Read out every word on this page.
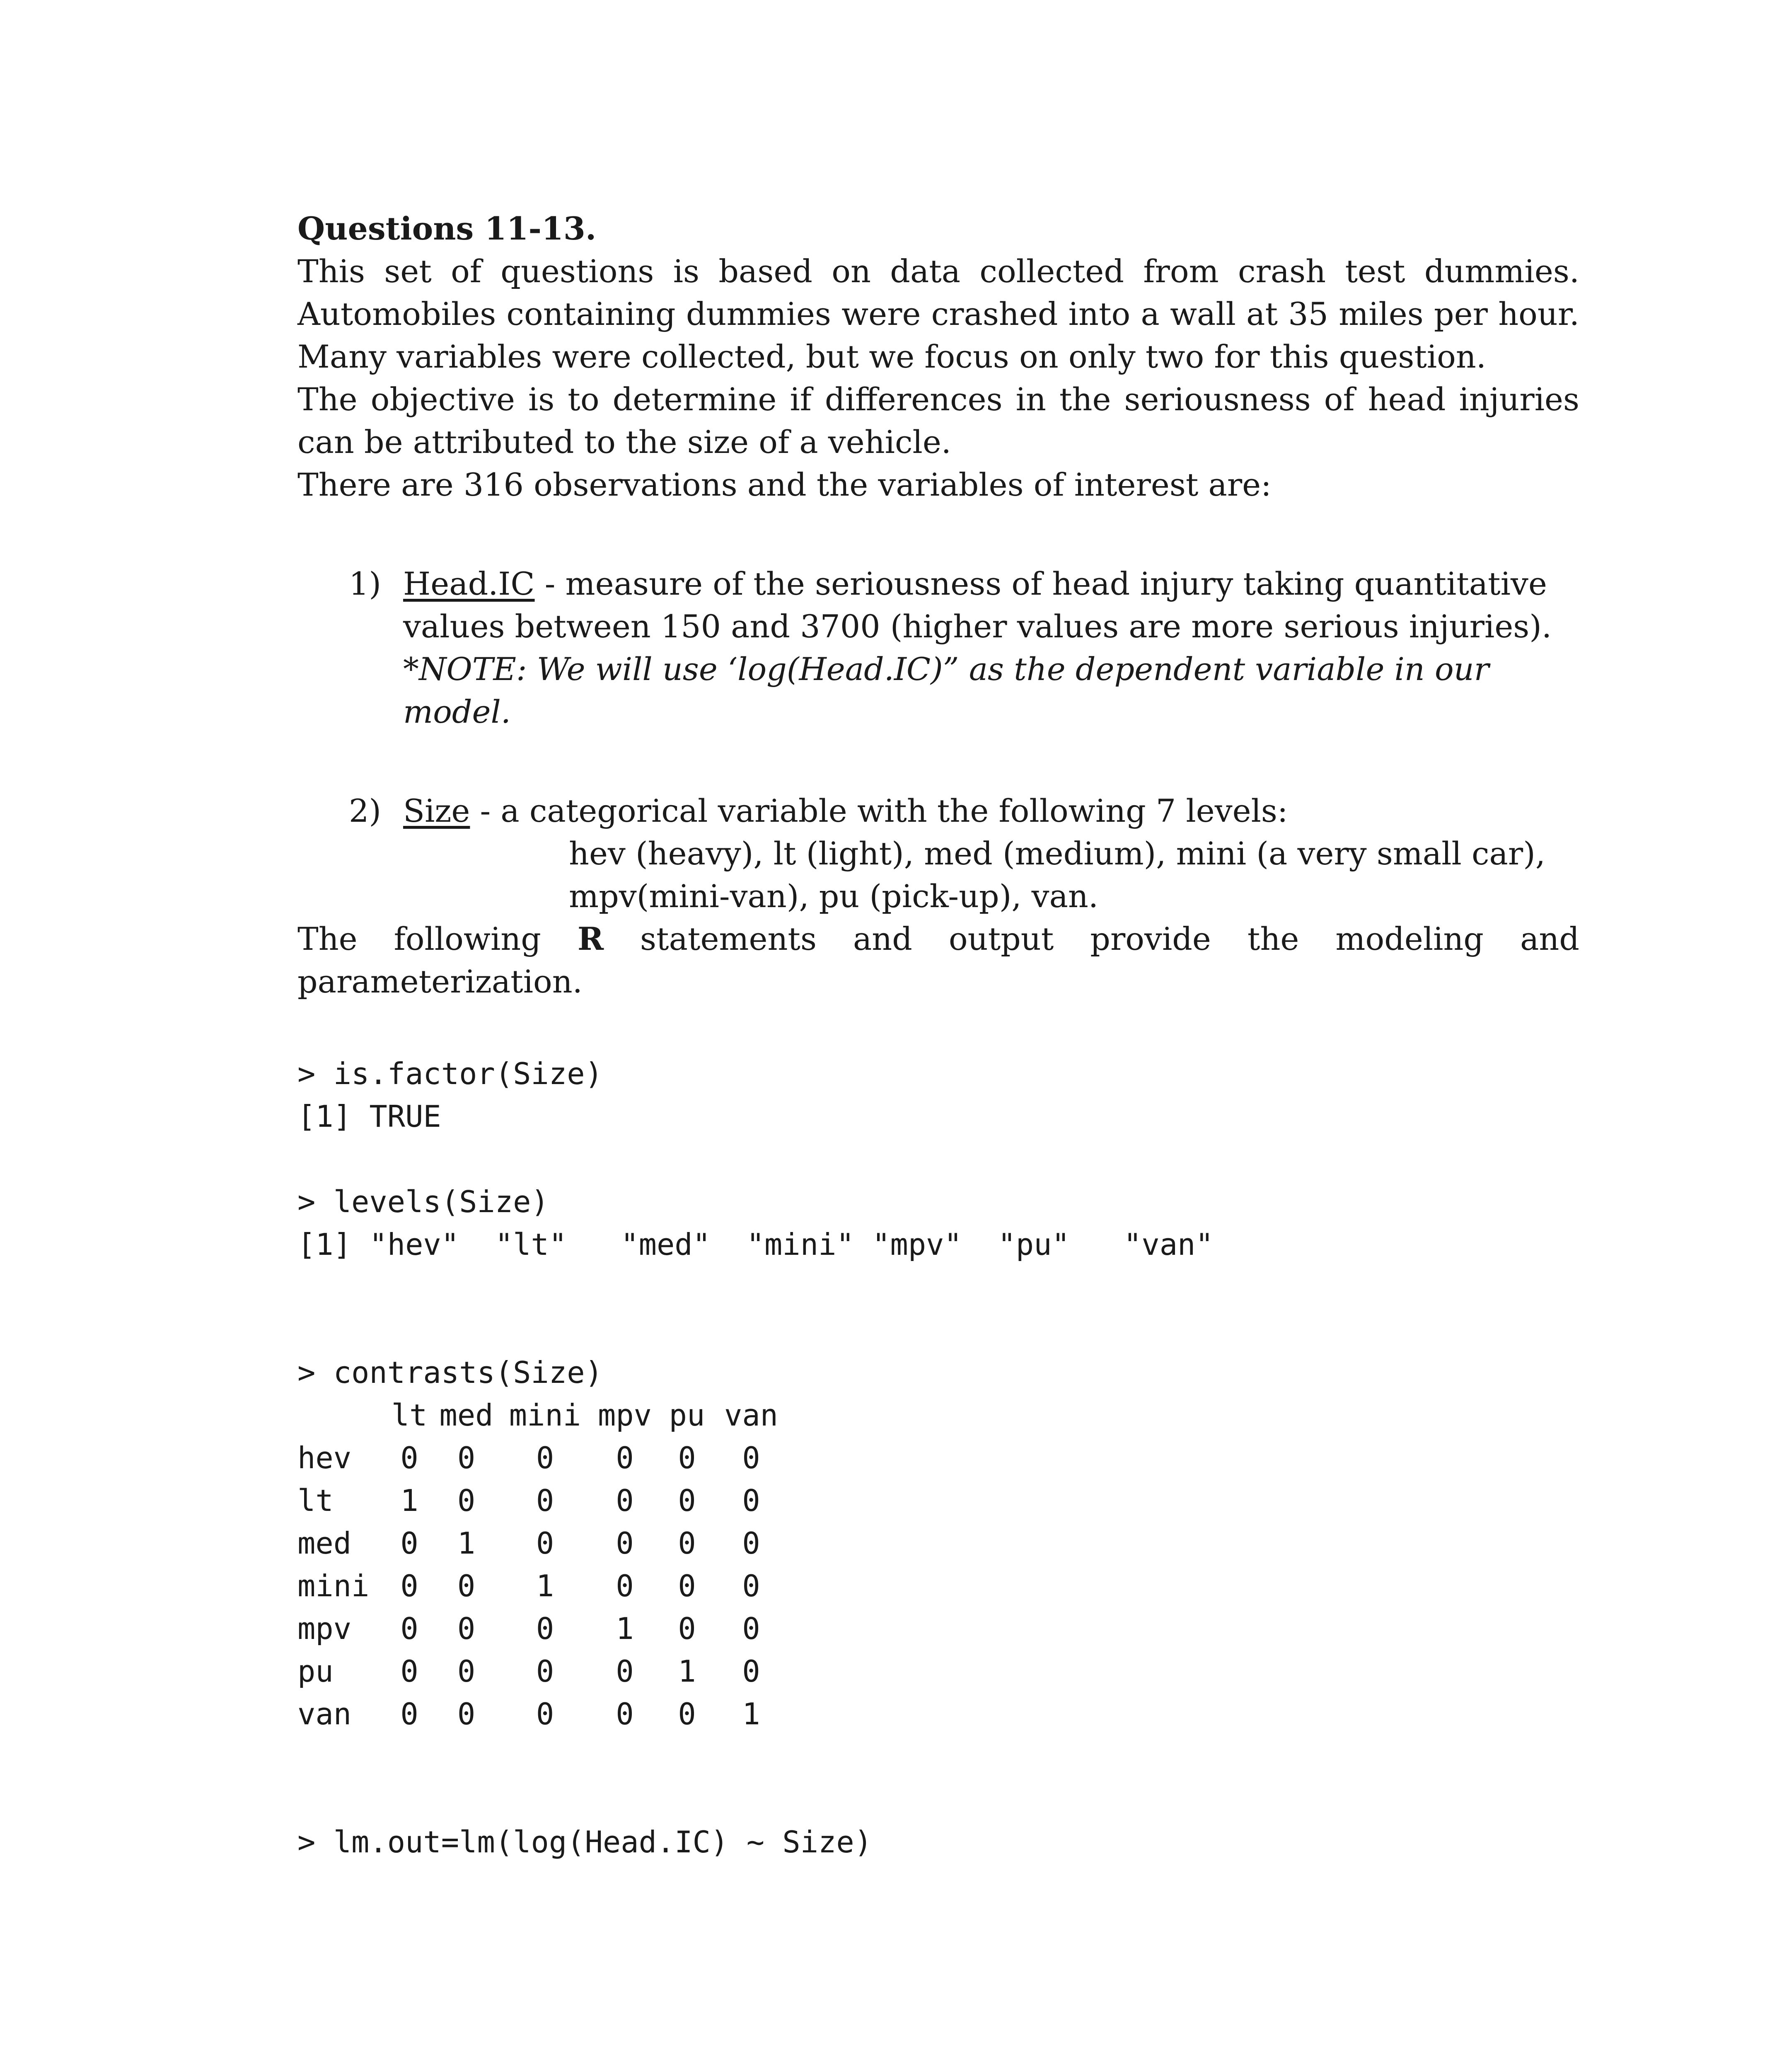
Questions 11-13.

This set of questions is based on data collected from crash test dummies. Automobiles containing dummies were crashed into a wall at 35 miles per hour. Many variables were collected, but we focus on only two for this question.

The objective is to determine if differences in the seriousness of head injuries can be attributed to the size of a vehicle.

There are 316 observations and the variables of interest are:

1) Head.IC - measure of the seriousness of head injury taking quantitative values between 150 and 3700 (higher values are more serious injuries).
*NOTE: We will use ‘log(Head.IC)” as the dependent variable in our model.
2) Size - a categorical variable with the following 7 levels:
hev (heavy), lt (light), med (medium), mini (a very small car),
mpv(mini-van), pu (pick-up), van.

The following R statements and output provide the modeling and parameterization.

> is.factor(Size)
[1] TRUE
> levels(Size)
[1] "hev"  "lt"   "med"  "mini" "mpv"  "pu"   "van"
> contrasts(Size)
	lt	med	mini	mpv	pu	van
hev	0	0	0	0	0	0
lt	1	0	0	0	0	0
med	0	1	0	0	0	0
mini	0	0	1	0	0	0
mpv	0	0	0	1	0	0
pu	0	0	0	0	1	0
van	0	0	0	0	0	1
> lm.out=lm(log(Head.IC) ~ Size)
